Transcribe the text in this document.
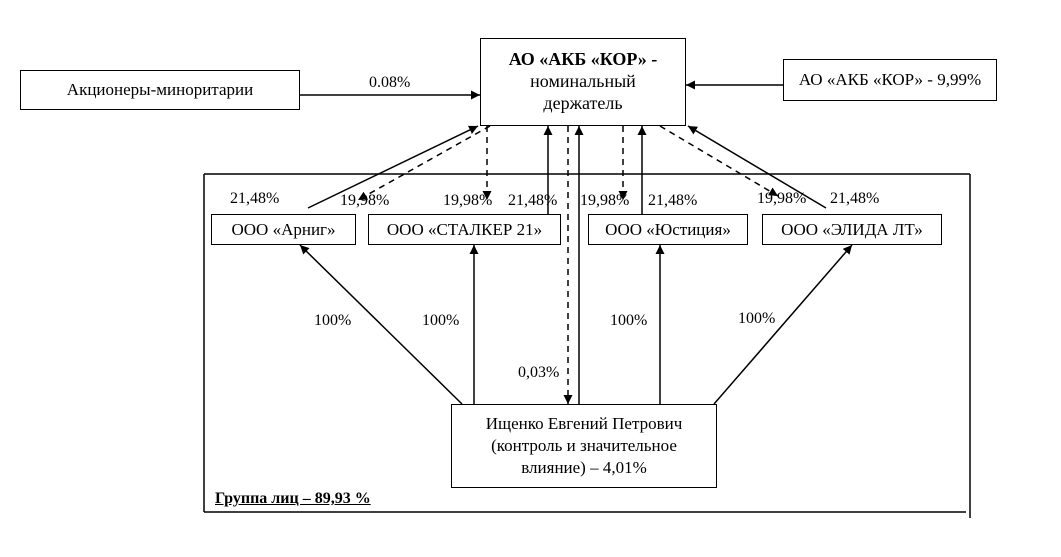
АО «АКБ «КОР» -
номинальный
держатель
Акционеры-миноритарии
АО «АКБ «КОР» - 9,99%
ООО «Арниг»	ООО «СТАЛКЕР 21»	ООО «Юстиция»	ООО «ЭЛИДА ЛТ»
Ищенко Евгений Петрович
(контроль и значительное
влияние) – 4,01%
0.08%
21,48%	19,98%	19,98% 21,48% 19,98% 21,48%	19,98% 21,48%
100%	100%	100%	100%
0,03%
Группа лиц – 89,93 %
